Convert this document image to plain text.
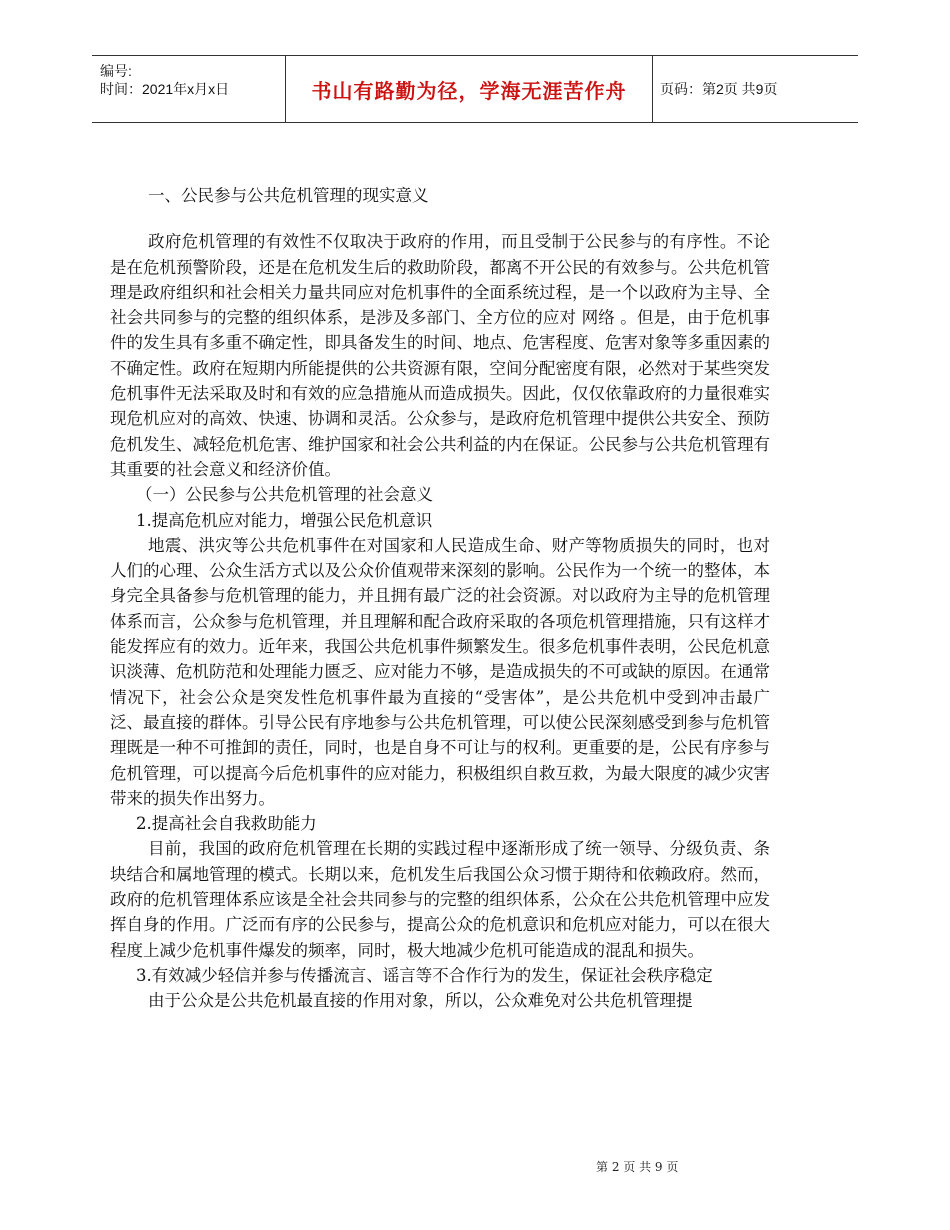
编号:
时间：2021年x月x日	书山有路勤为径，学海无涯苦作舟 页码：第2页 共9页

一、公民参与公共危机管理的现实意义

政府危机管理的有效性不仅取决于政府的作用，而且受制于公民参与的有序性。不论是在危机预警阶段，还是在危机发生后的救助阶段，都离不开公民的有效参与。公共危机管理是政府组织和社会相关力量共同应对危机事件的全面系统过程，是一个以政府为主导、全社会共同参与的完整的组织体系，是涉及多部门、全方位的应对 网络 。但是，由于危机事件的发生具有多重不确定性，即具备发生的时间、地点、危害程度、危害对象等多重因素的不确定性。政府在短期内所能提供的公共资源有限，空间分配密度有限，必然对于某些突发危机事件无法采取及时和有效的应急措施从而造成损失。因此，仅仅依靠政府的力量很难实现危机应对的高效、快速、协调和灵活。公众参与，是政府危机管理中提供公共安全、预防危机发生、减轻危机危害、维护国家和社会公共利益的内在保证。公民参与公共危机管理有其重要的社会意义和经济价值。

（一）公民参与公共危机管理的社会意义

1.提高危机应对能力，增强公民危机意识

地震、洪灾等公共危机事件在对国家和人民造成生命、财产等物质损失的同时，也对人们的心理、公众生活方式以及公众价值观带来深刻的影响。公民作为一个统一的整体，本身完全具备参与危机管理的能力，并且拥有最广泛的社会资源。对以政府为主导的危机管理体系而言，公众参与危机管理，并且理解和配合政府采取的各项危机管理措施，只有这样才能发挥应有的效力。近年来，我国公共危机事件频繁发生。很多危机事件表明，公民危机意识淡薄、危机防范和处理能力匮乏、应对能力不够，是造成损失的不可或缺的原因。在通常情况下，社会公众是突发性危机事件最为直接的“受害体”，是公共危机中受到冲击最广泛、最直接的群体。引导公民有序地参与公共危机管理，可以使公民深刻感受到参与危机管理既是一种不可推卸的责任，同时，也是自身不可让与的权利。更重要的是，公民有序参与危机管理，可以提高今后危机事件的应对能力，积极组织自救互救，为最大限度的减少灾害带来的损失作出努力。

2.提高社会自我救助能力

目前，我国的政府危机管理在长期的实践过程中逐渐形成了统一领导、分级负责、条块结合和属地管理的模式。长期以来，危机发生后我国公众习惯于期待和依赖政府。然而，政府的危机管理体系应该是全社会共同参与的完整的组织体系，公众在公共危机管理中应发挥自身的作用。广泛而有序的公民参与，提高公众的危机意识和危机应对能力，可以在很大程度上减少危机事件爆发的频率，同时，极大地减少危机可能造成的混乱和损失。

3.有效减少轻信并参与传播流言、谣言等不合作行为的发生，保证社会秩序稳定

由于公众是公共危机最直接的作用对象，所以，公众难免对公共危机管理提

第 2 页 共 9 页
